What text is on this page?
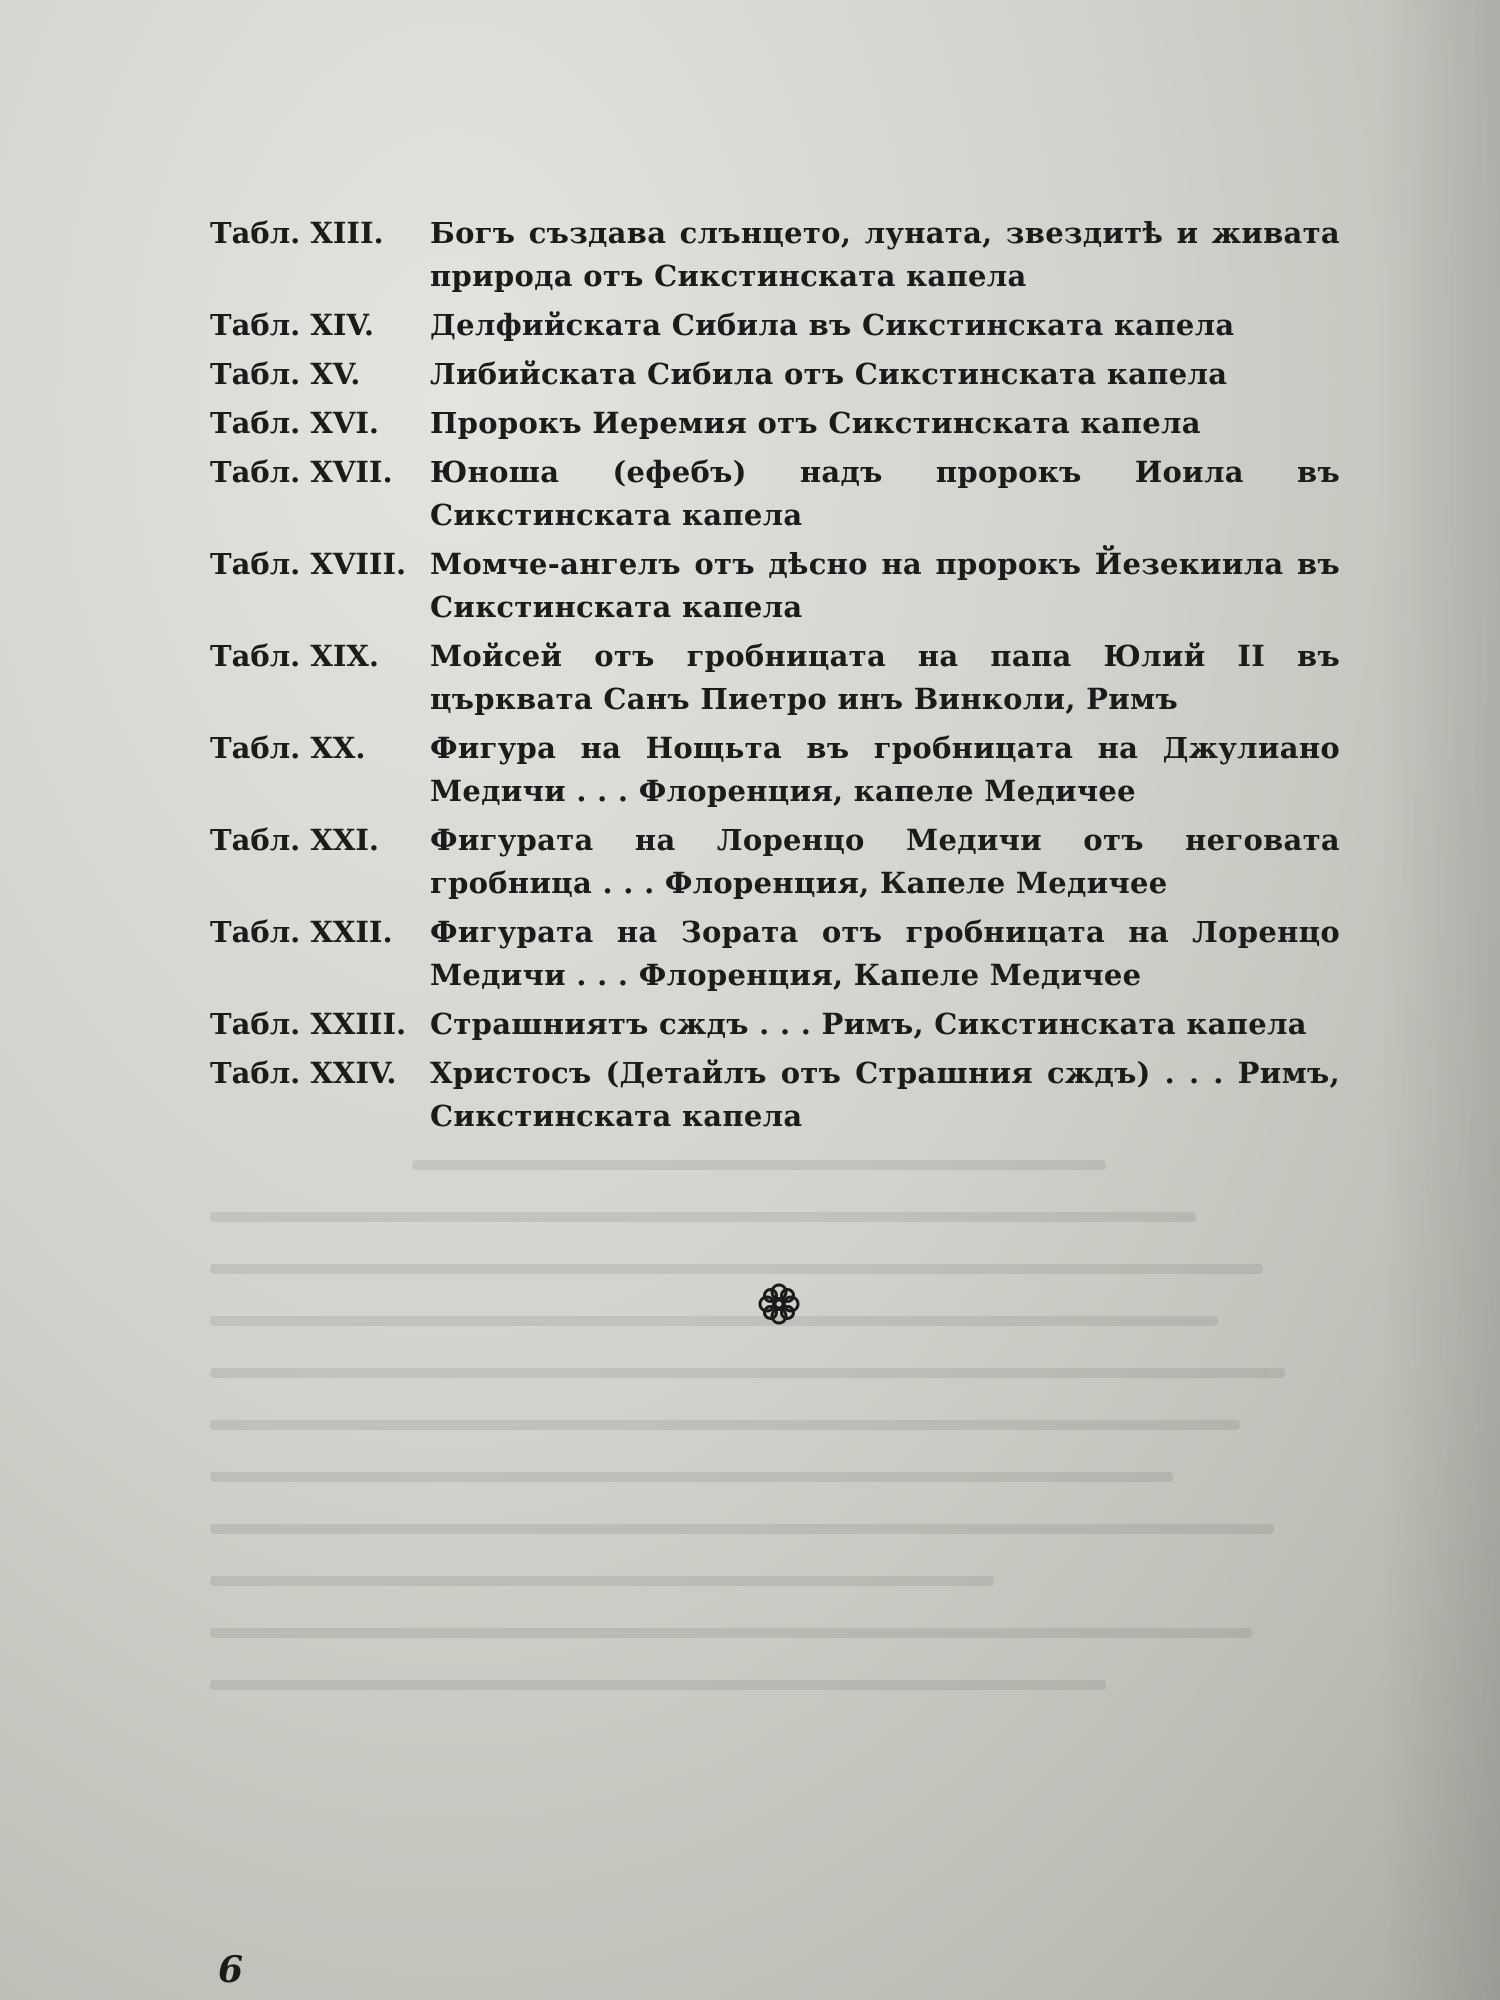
Табл. XIII.	Богъ създава слънцето, луната, звездитѣ и живата природа отъ Сикстинската капела
Табл. XIV.	Делфийската Сибила въ Сикстинската капела
Табл. XV.	Либийската Сибила отъ Сикстинската капела
Табл. XVI.	Пророкъ Иеремия отъ Сикстинската капела
Табл. XVII.	Юноша (ефебъ) надъ пророкъ Иоила въ Сикстинската капела
Табл. XVIII. Момче-ангелъ отъ дѣсно на пророкъ Йезекиила въ Сикстинската капела
Табл. XIX.	Мойсей отъ гробницата на папа Юлий II въ църквата Санъ Пиетро инъ Винколи, Римъ
Табл. XX.	Фигура на Нощьта въ гробницата на Джулиано Медичи . . . Флоренция, капеле Медичее
Табл. XXI.	Фигурата на Лоренцо Медичи отъ неговата гробница . . . Флоренция, Капеле Медичее
Табл. XXII.	Фигурата на Зората отъ гробницата на Лоренцо Медичи . . . Флоренция, Капеле Медичее
Табл. XXIII. Страшниятъ сждъ . . . Римъ, Сикстинската капела
Табл. XXIV.	Христосъ (Детайлъ отъ Страшния сждъ) . . . Римъ, Сикстинската капела
6
